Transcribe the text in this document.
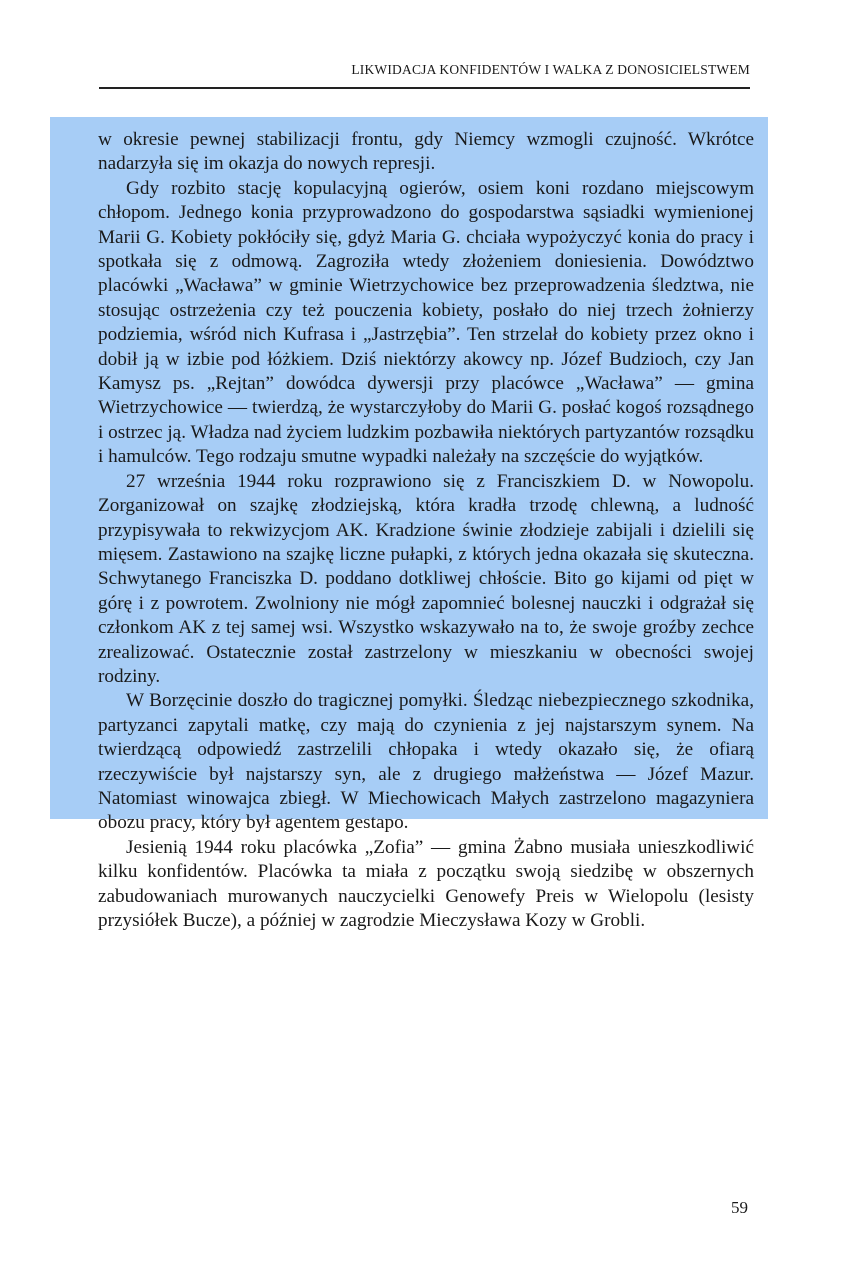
LIKWIDACJA KONFIDENTÓW I WALKA Z DONOSICIELSTWEM

w okresie pewnej stabilizacji frontu, gdy Niemcy wzmogli czujność. Wkrótce nadarzyła się im okazja do nowych represji.

Gdy rozbito stację kopulacyjną ogierów, osiem koni rozdano miejscowym chłopom. Jednego konia przyprowadzono do gospodarstwa sąsiadki wymienionej Marii G. Kobiety pokłóciły się, gdyż Maria G. chciała wypożyczyć konia do pracy i spotkała się z odmową. Zagroziła wtedy złożeniem doniesienia. Dowództwo placówki „Wacława” w gminie Wietrzychowice bez przeprowadzenia śledztwa, nie stosując ostrzeżenia czy też pouczenia kobiety, posłało do niej trzech żołnierzy podziemia, wśród nich Kufrasa i „Jastrzębia”. Ten strzelał do kobiety przez okno i dobił ją w izbie pod łóżkiem. Dziś niektórzy akowcy np. Józef Budzioch, czy Jan Kamysz ps. „Rejtan” dowódca dywersji przy placówce „Wacława” — gmina Wietrzychowice — twierdzą, że wystarczyłoby do Marii G. posłać kogoś rozsądnego i ostrzec ją. Władza nad życiem ludzkim pozbawiła niektórych partyzantów rozsądku i hamulców. Tego rodzaju smutne wypadki należały na szczęście do wyjątków.

27 września 1944 roku rozprawiono się z Franciszkiem D. w Nowopolu. Zorganizował on szajkę złodziejską, która kradła trzodę chlewną, a ludność przypisywała to rekwizycjom AK. Kradzione świnie złodzieje zabijali i dzielili się mięsem. Zastawiono na szajkę liczne pułapki, z których jedna okazała się skuteczna. Schwytanego Franciszka D. poddano dotkliwej chłoście. Bito go kijami od pięt w górę i z powrotem. Zwolniony nie mógł zapomnieć bolesnej nauczki i odgrażał się członkom AK z tej samej wsi. Wszystko wskazywało na to, że swoje groźby zechce zrealizować. Ostatecznie został zastrzelony w mieszkaniu w obecności swojej rodziny.

W Borzęcinie doszło do tragicznej pomyłki. Śledząc niebezpiecznego szkodnika, partyzanci zapytali matkę, czy mają do czynienia z jej najstarszym synem. Na twierdzącą odpowiedź zastrzelili chłopaka i wtedy okazało się, że ofiarą rzeczywiście był najstarszy syn, ale z drugiego małżeństwa — Józef Mazur. Natomiast winowajca zbiegł. W Miechowicach Małych zastrzelono magazyniera obozu pracy, który był agentem gestapo.

Jesienią 1944 roku placówka „Zofia” — gmina Żabno musiała unieszkodliwić kilku konfidentów. Placówka ta miała z początku swoją siedzibę w obszernych zabudowaniach murowanych nauczycielki Genowefy Preis w Wielopolu (lesisty przysiółek Bucze), a później w zagrodzie Mieczysława Kozy w Grobli.

59
